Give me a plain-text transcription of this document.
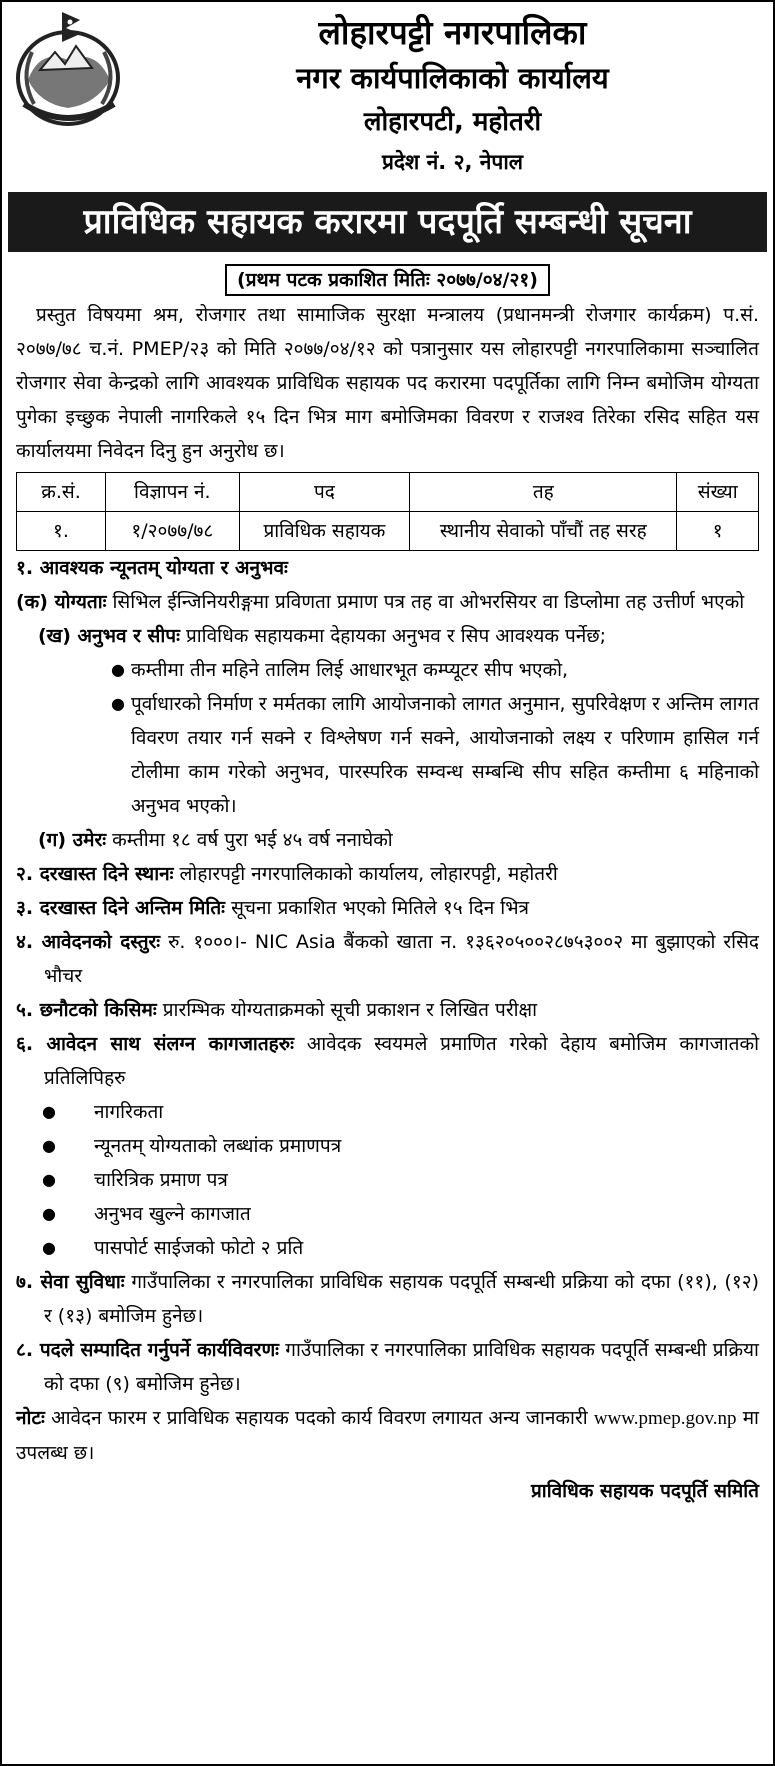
लोहारपट्टी नगरपालिका
नगर कार्यपालिकाको कार्यालय
लोहारपटी, महोतरी
प्रदेश नं. २, नेपाल
प्राविधिक सहायक करारमा पदपूर्ति सम्बन्धी सूचना
(प्रथम पटक प्रकाशित मितिः २०७७/०४/२१)

प्रस्तुत विषयमा श्रम, रोजगार तथा सामाजिक सुरक्षा मन्त्रालय (प्रधानमन्त्री रोजगार कार्यक्रम) प.सं. २०७७/७८ च.नं. PMEP/२३ को मिति २०७७/०४/१२ को पत्रानुसार यस लोहारपट्टी नगरपालिकामा सञ्चालित रोजगार सेवा केन्द्रको लागि आवश्यक प्राविधिक सहायक पद करारमा पदपूर्तिका लागि निम्न बमोजिम योग्यता पुगेका इच्छुक नेपाली नागरिकले १५ दिन भित्र माग बमोजिमका विवरण र राजश्व तिरेका रसिद सहित यस कार्यालयमा निवेदन दिनु हुन अनुरोध छ।

क्र.सं.	विज्ञापन नं.	पद	तह	संख्या
१.	१/२०७७/७८	प्राविधिक सहायक	स्थानीय सेवाको पाँचौं तह सरह	१
१. आवश्यक न्यूनतम् योग्यता र अनुभवः
(क) योग्यताः सिभिल ईन्जिनियरीङ्गमा प्रविणता प्रमाण पत्र तह वा ओभरसियर वा डिप्लोमा तह उत्तीर्ण भएको
(ख) अनुभव र सीपः प्राविधिक सहायकमा देहायका अनुभव र सिप आवश्यक पर्नेछ;
● कम्तीमा तीन महिने तालिम लिई आधारभूत कम्प्यूटर सीप भएको,
● पूर्वाधारको निर्माण र मर्मतका लागि आयोजनाको लागत अनुमान, सुपरिवेक्षण र अन्तिम लागत विवरण तयार गर्न सक्ने र विश्लेषण गर्न सक्ने, आयोजनाको लक्ष्य र परिणाम हासिल गर्न टोलीमा काम गरेको अनुभव, पारस्परिक सम्वन्ध सम्बन्धि सीप सहित कम्तीमा ६ महिनाको अनुभव भएको।
(ग) उमेरः कम्तीमा १८ वर्ष पुरा भई ४५ वर्ष ननाघेको
२. दरखास्त दिने स्थानः लोहारपट्टी नगरपालिकाको कार्यालय, लोहारपट्टी, महोतरी
३. दरखास्त दिने अन्तिम मितिः सूचना प्रकाशित भएको मितिले १५ दिन भित्र
४. आवेदनको दस्तुरः रु. १०००।- NIC Asia बैंकको खाता न. १३६२०५००२८७५३००२ मा बुझाएको रसिद भौचर
५. छनौटको किसिमः प्रारम्भिक योग्यताक्रमको सूची प्रकाशन र लिखित परीक्षा
६. आवेदन साथ संलग्न कागजातहरुः आवेदक स्वयमले प्रमाणित गरेको देहाय बमोजिम कागजातको प्रतिलिपिहरु
● नागरिकता
● न्यूनतम् योग्यताको लब्धांक प्रमाणपत्र
● चारित्रिक प्रमाण पत्र
● अनुभव खुल्ने कागजात
● पासपोर्ट साईजको फोटो २ प्रति
७. सेवा सुविधाः गाउँपालिका र नगरपालिका प्राविधिक सहायक पदपूर्ति सम्बन्धी प्रक्रिया को दफा (११), (१२) र (१३) बमोजिम हुनेछ।
८. पदले सम्पादित गर्नुपर्ने कार्यविवरणः गाउँपालिका र नगरपालिका प्राविधिक सहायक पदपूर्ति सम्बन्धी प्रक्रिया को दफा (९) बमोजिम हुनेछ।
नोटः आवेदन फारम र प्राविधिक सहायक पदको कार्य विवरण लगायत अन्य जानकारी www.pmep.gov.np मा उपलब्ध छ।
प्राविधिक सहायक पदपूर्ति समिति
